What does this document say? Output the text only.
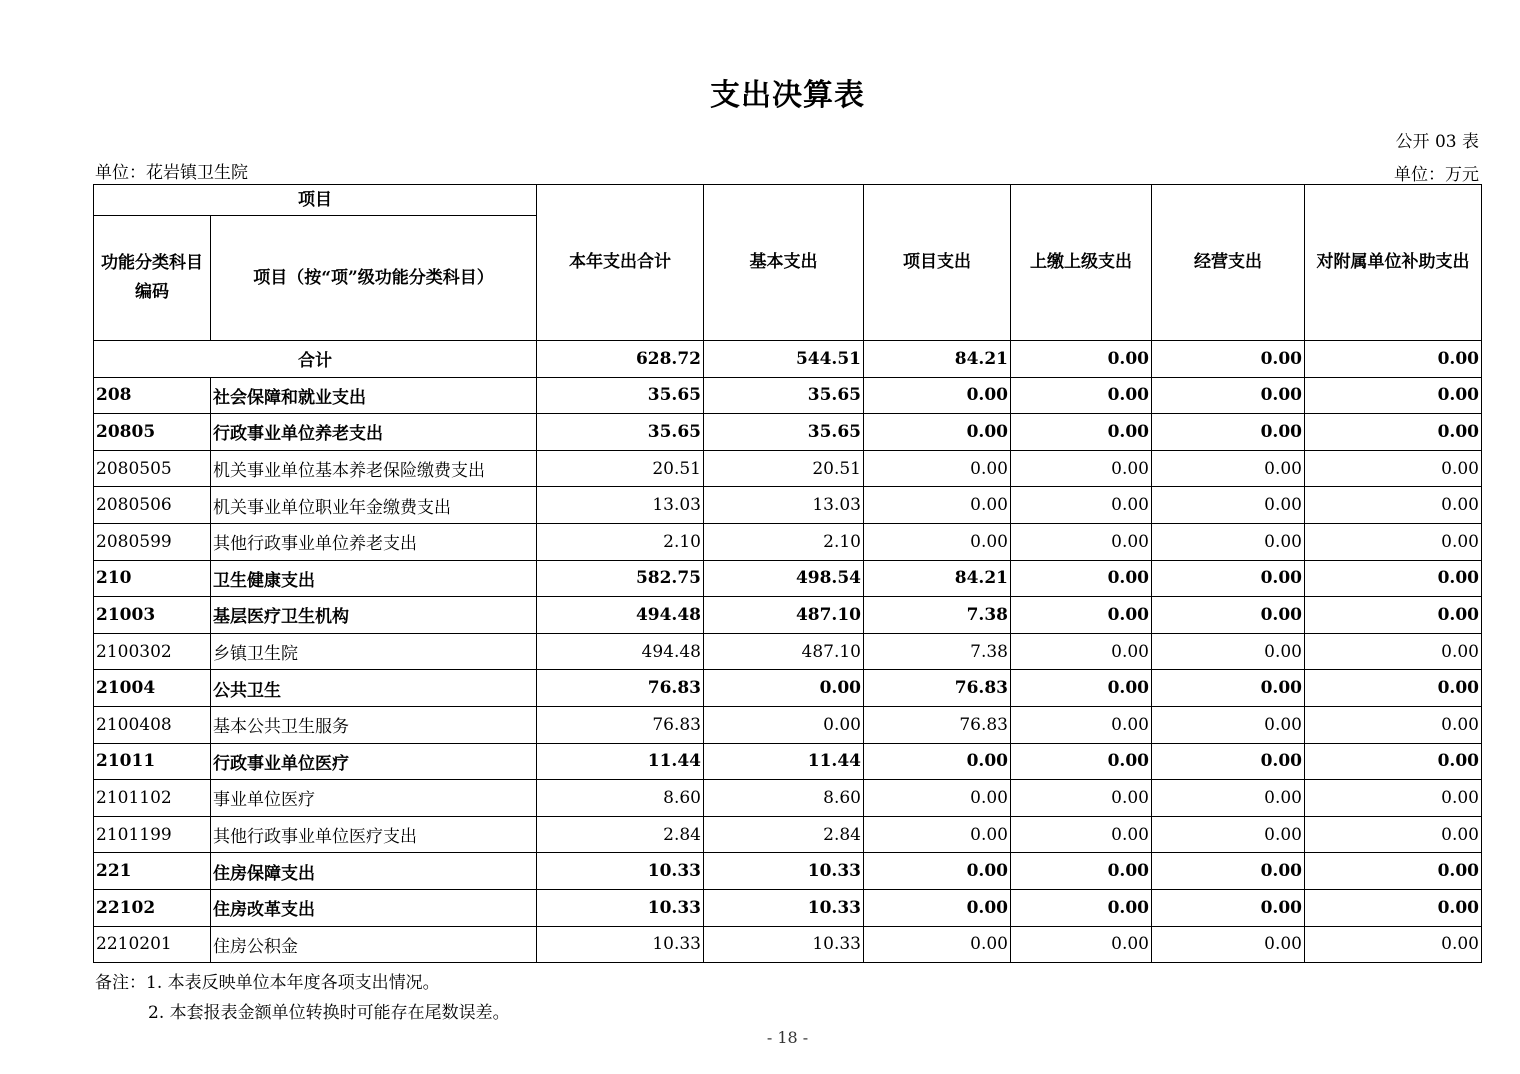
支出决算表
公开 03 表
单位：花岩镇卫生院	单位：万元
项目		本年支出合计	基本支出	项目支出	上缴上级支出	经营支出	对附属单位补助支出
功能分类科目编码	项目（按“项”级功能分类科目）						
合计		628.72	544.51	84.21	0.00	0.00	0.00
208	社会保障和就业支出	35.65	35.65	0.00	0.00	0.00	0.00
20805	行政事业单位养老支出	35.65	35.65	0.00	0.00	0.00	0.00
2080505	机关事业单位基本养老保险缴费支出	20.51	20.51	0.00	0.00	0.00	0.00
2080506	机关事业单位职业年金缴费支出	13.03	13.03	0.00	0.00	0.00	0.00
2080599	其他行政事业单位养老支出	2.10	2.10	0.00	0.00	0.00	0.00
210	卫生健康支出	582.75	498.54	84.21	0.00	0.00	0.00
21003	基层医疗卫生机构	494.48	487.10	7.38	0.00	0.00	0.00
2100302	乡镇卫生院	494.48	487.10	7.38	0.00	0.00	0.00
21004	公共卫生	76.83	0.00	76.83	0.00	0.00	0.00
2100408	基本公共卫生服务	76.83	0.00	76.83	0.00	0.00	0.00
21011	行政事业单位医疗	11.44	11.44	0.00	0.00	0.00	0.00
2101102	事业单位医疗	8.60	8.60	0.00	0.00	0.00	0.00
2101199	其他行政事业单位医疗支出	2.84	2.84	0.00	0.00	0.00	0.00
221	住房保障支出	10.33	10.33	0.00	0.00	0.00	0.00
22102	住房改革支出	10.33	10.33	0.00	0.00	0.00	0.00
2210201	住房公积金	10.33	10.33	0.00	0.00	0.00	0.00
备注：1. 本表反映单位本年度各项支出情况。
2. 本套报表金额单位转换时可能存在尾数误差。
- 18 -
